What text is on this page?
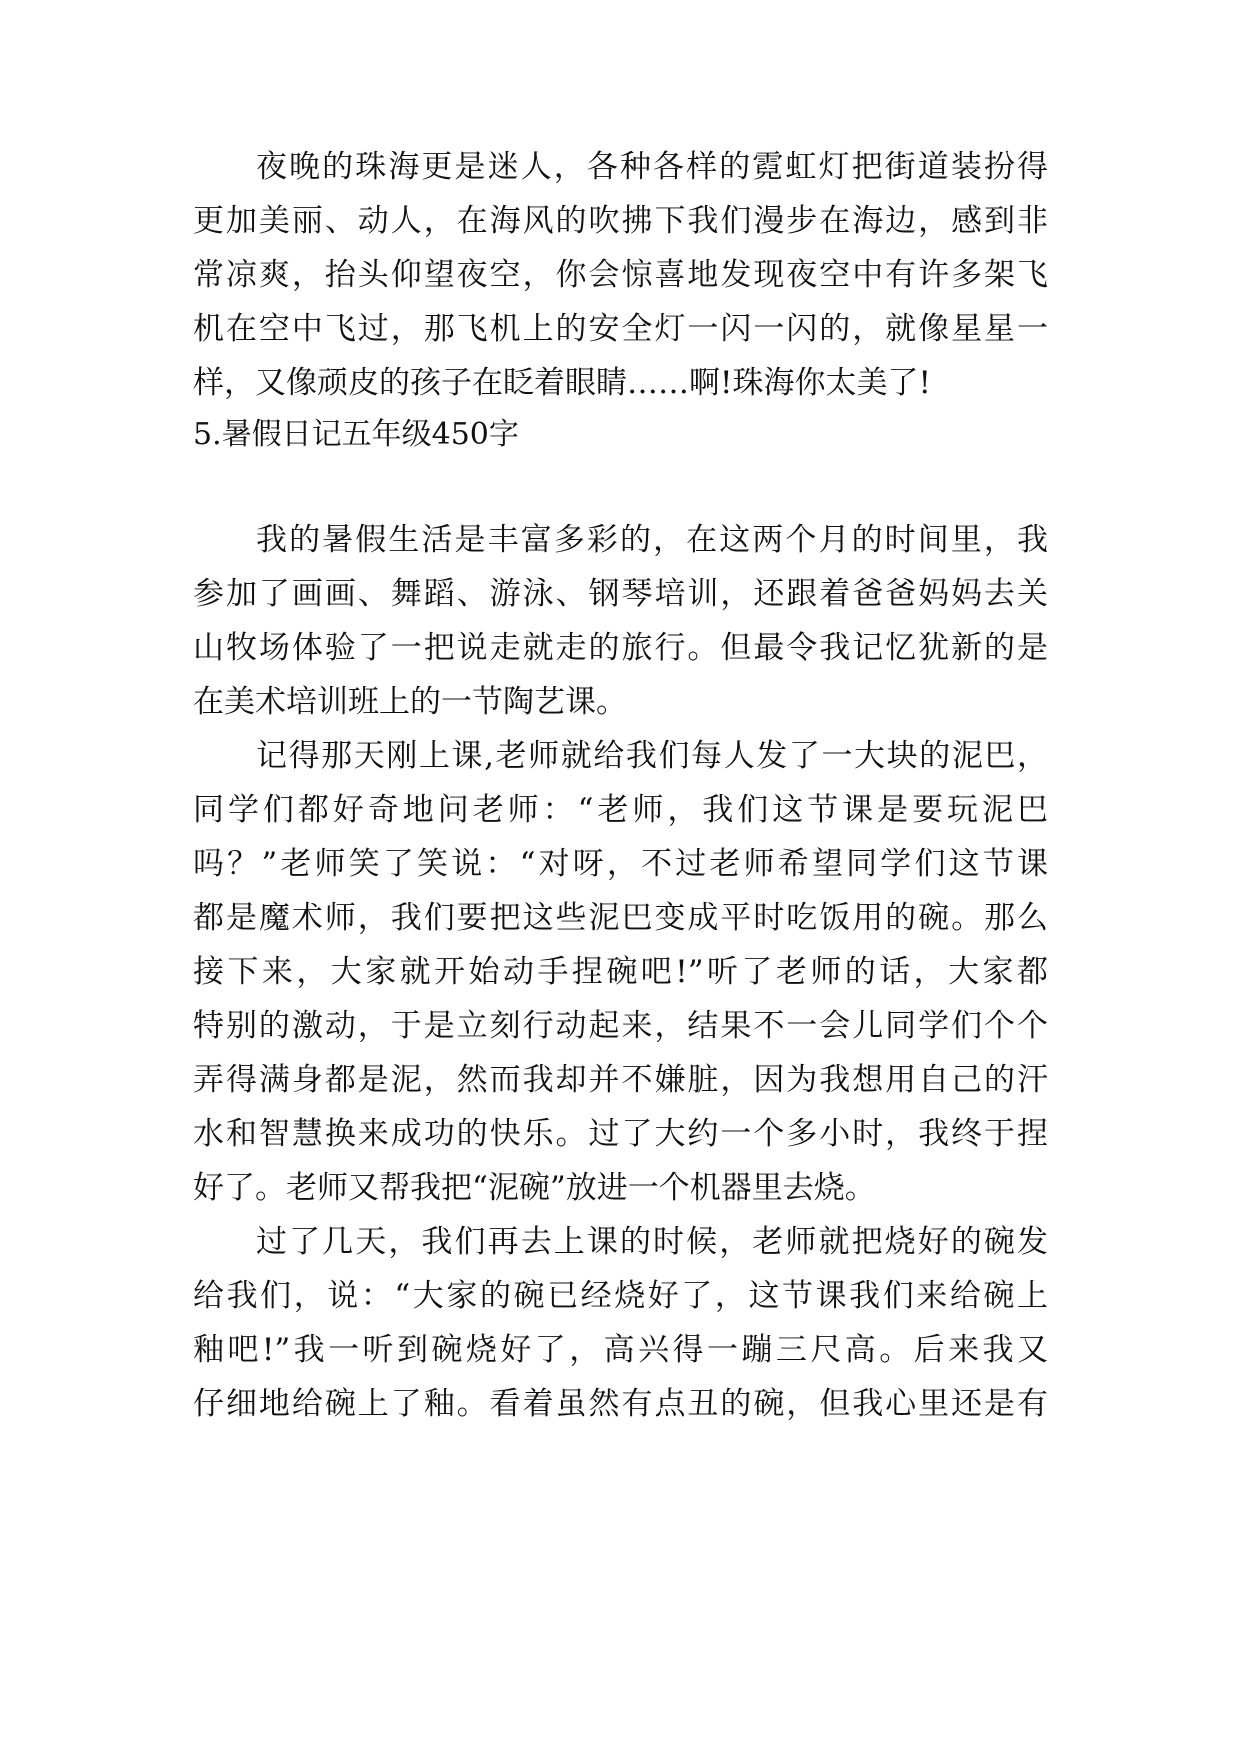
夜晚的珠海更是迷人，各种各样的霓虹灯把街道装扮得
更加美丽、动人，在海风的吹拂下我们漫步在海边，感到非
常凉爽，抬头仰望夜空，你会惊喜地发现夜空中有许多架飞
机在空中飞过，那飞机上的安全灯一闪一闪的，就像星星一
样，又像顽皮的孩子在眨着眼睛……啊!珠海你太美了!
5.暑假日记五年级450字
我的暑假生活是丰富多彩的，在这两个月的时间里，我
参加了画画、舞蹈、游泳、钢琴培训，还跟着爸爸妈妈去关
山牧场体验了一把说走就走的旅行。但最令我记忆犹新的是
在美术培训班上的一节陶艺课。
记得那天刚上课,老师就给我们每人发了一大块的泥巴，
同学们都好奇地问老师：“老师，我们这节课是要玩泥巴
吗？”老师笑了笑说：“对呀，不过老师希望同学们这节课
都是魔术师，我们要把这些泥巴变成平时吃饭用的碗。那么
接下来，大家就开始动手捏碗吧!”听了老师的话，大家都
特别的激动，于是立刻行动起来，结果不一会儿同学们个个
弄得满身都是泥，然而我却并不嫌脏，因为我想用自己的汗
水和智慧换来成功的快乐。过了大约一个多小时，我终于捏
好了。老师又帮我把“泥碗”放进一个机器里去烧。
过了几天，我们再去上课的时候，老师就把烧好的碗发
给我们，说：“大家的碗已经烧好了，这节课我们来给碗上
釉吧!”我一听到碗烧好了，高兴得一蹦三尺高。后来我又
仔细地给碗上了釉。看着虽然有点丑的碗，但我心里还是有
